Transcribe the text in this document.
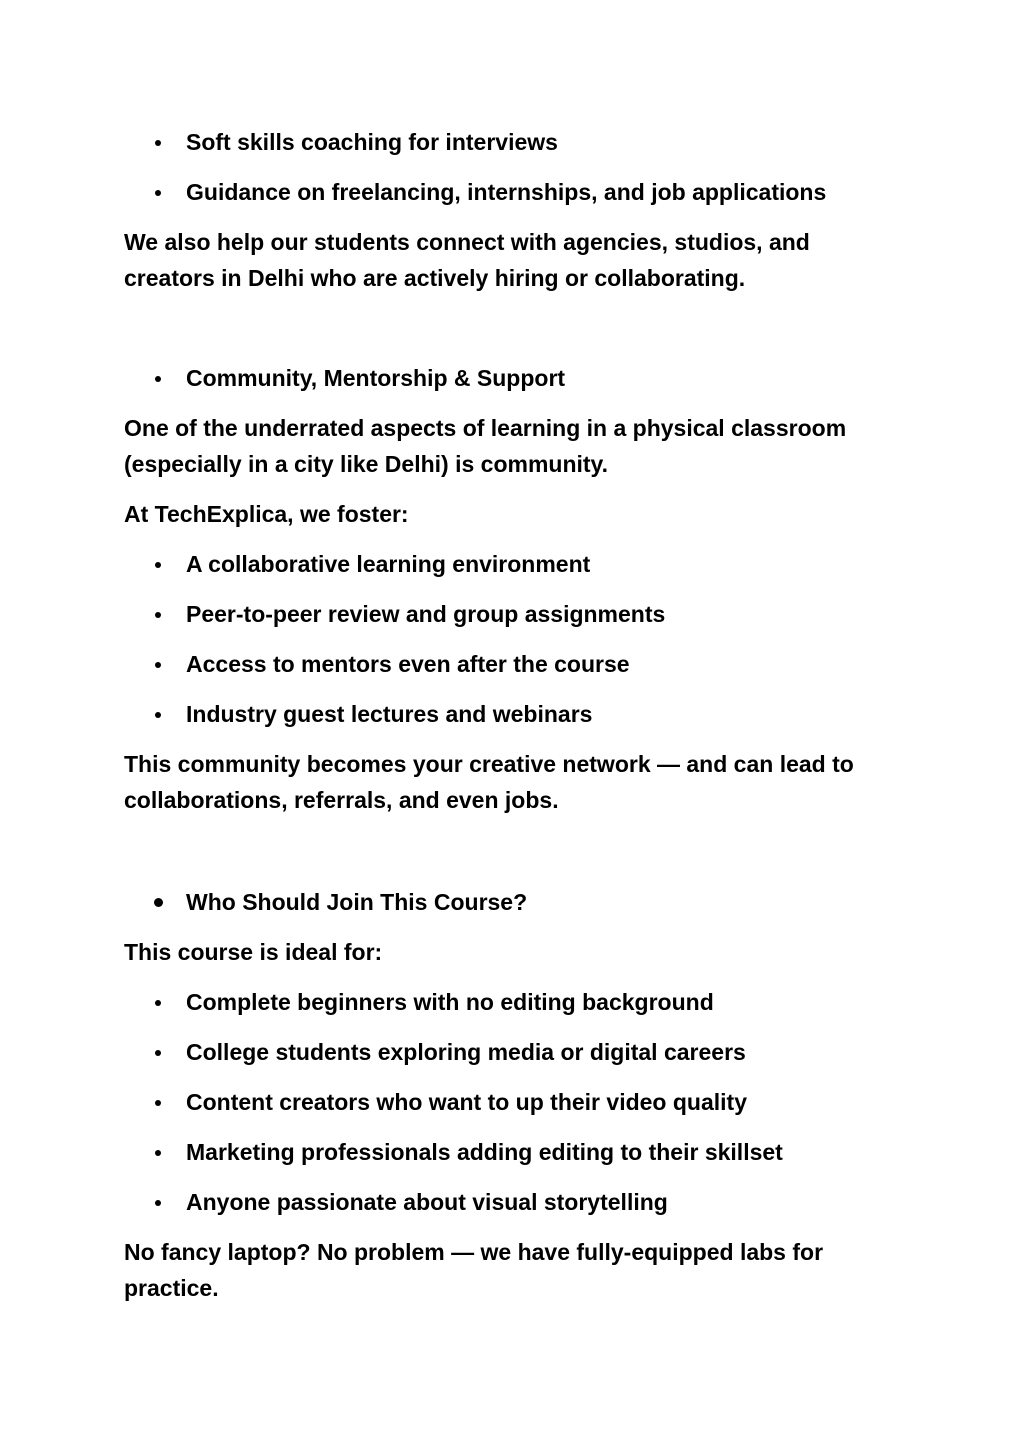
Soft skills coaching for interviews
Guidance on freelancing, internships, and job applications
We also help our students connect with agencies, studios, and
creators in Delhi who are actively hiring or collaborating.
Community, Mentorship & Support
One of the underrated aspects of learning in a physical classroom
(especially in a city like Delhi) is community.
At TechExplica, we foster:
A collaborative learning environment
Peer-to-peer review and group assignments
Access to mentors even after the course
Industry guest lectures and webinars
This community becomes your creative network — and can lead to
collaborations, referrals, and even jobs.
Who Should Join This Course?
This course is ideal for:
Complete beginners with no editing background
College students exploring media or digital careers
Content creators who want to up their video quality
Marketing professionals adding editing to their skillset
Anyone passionate about visual storytelling
No fancy laptop? No problem — we have fully-equipped labs for
practice.
